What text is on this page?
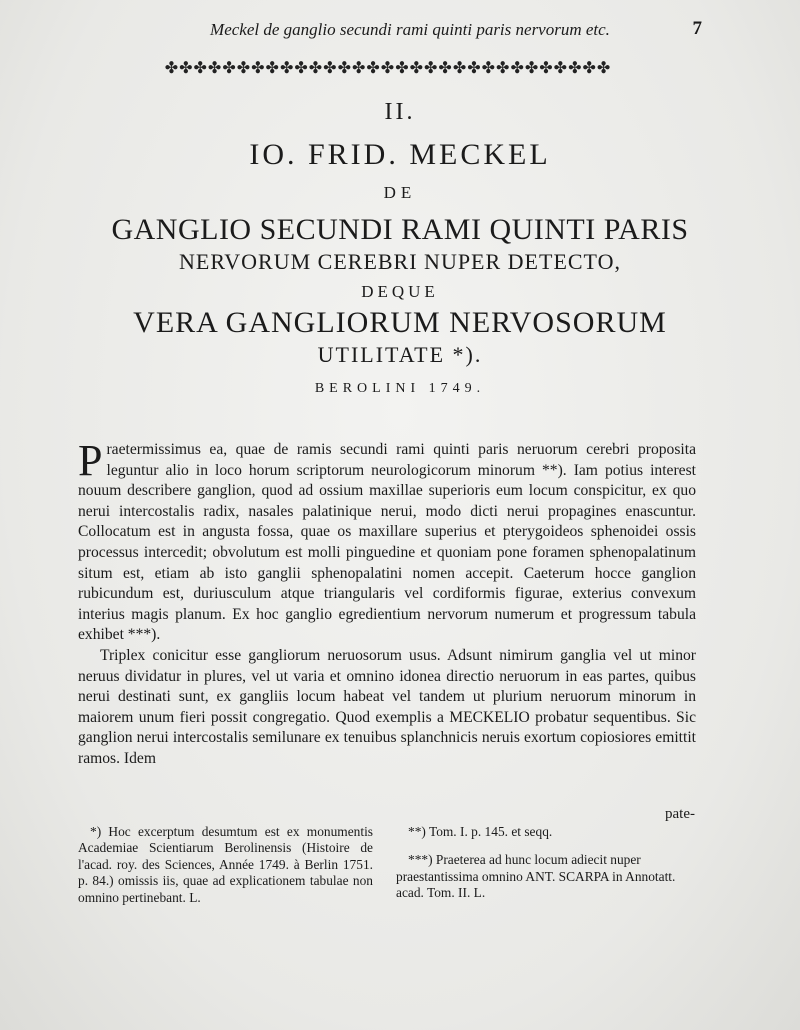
Meckel de ganglio secundi rami quinti paris nervorum etc.	7
✤✤✤✤✤✤✤✤✤✤✤✤✤✤✤✤✤✤✤✤✤✤✤✤✤✤✤✤✤✤✤
II.
IO. FRID. MECKEL
DE
GANGLIO SECUNDI RAMI QUINTI PARIS
NERVORUM CEREBRI NUPER DETECTO,
DEQUE
VERA GANGLIORUM NERVOSORUM
UTILITATE *).
BEROLINI 1749.

Praetermissimus ea, quae de ramis secundi rami quinti paris neruorum cerebri proposita leguntur alio in loco horum scriptorum neurologicorum minorum **). Iam potius interest nouum describere ganglion, quod ad ossium maxillae superioris eum locum conspicitur, ex quo nerui intercostalis radix, nasales palatinique nerui, modo dicti nerui propagines enascuntur. Collocatum est in angusta fossa, quae os maxillare superius et pterygoideos sphenoidei ossis processus intercedit; obvolutum est molli pinguedine et quoniam pone foramen sphenopalatinum situm est, etiam ab isto ganglii sphenopalatini nomen accepit. Caeterum hocce ganglion rubicundum est, duriusculum atque triangularis vel cordiformis figurae, exterius convexum interius magis planum. Ex hoc ganglio egredientium nervorum numerum et progressum tabula exhibet ***).

Triplex conicitur esse gangliorum neruosorum usus. Adsunt nimirum ganglia vel ut minor neruus dividatur in plures, vel ut varia et omnino idonea directio neruorum in eas partes, quibus nerui destinati sunt, ex gangliis locum habeat vel tandem ut plurium neruorum minorum in maiorem unum fieri possit congregatio. Quod exemplis a MECKELIO probatur sequentibus. Sic ganglion nerui intercostalis semilunare ex tenuibus splanchnicis neruis exortum copiosiores emittit ramos. Idem

pate-

*) Hoc excerptum desumtum est ex monumentis Academiae Scientiarum Berolinensis (Histoire de l'acad. roy. des Sciences, Année 1749. à Berlin 1751. p. 84.) omissis iis, quae ad explicationem tabulae non omnino pertinebant. L.

**) Tom. I. p. 145. et seqq.

***) Praeterea ad hunc locum adiecit nuper praestantissima omnino ANT. SCARPA in Annotatt. acad. Tom. II. L.
